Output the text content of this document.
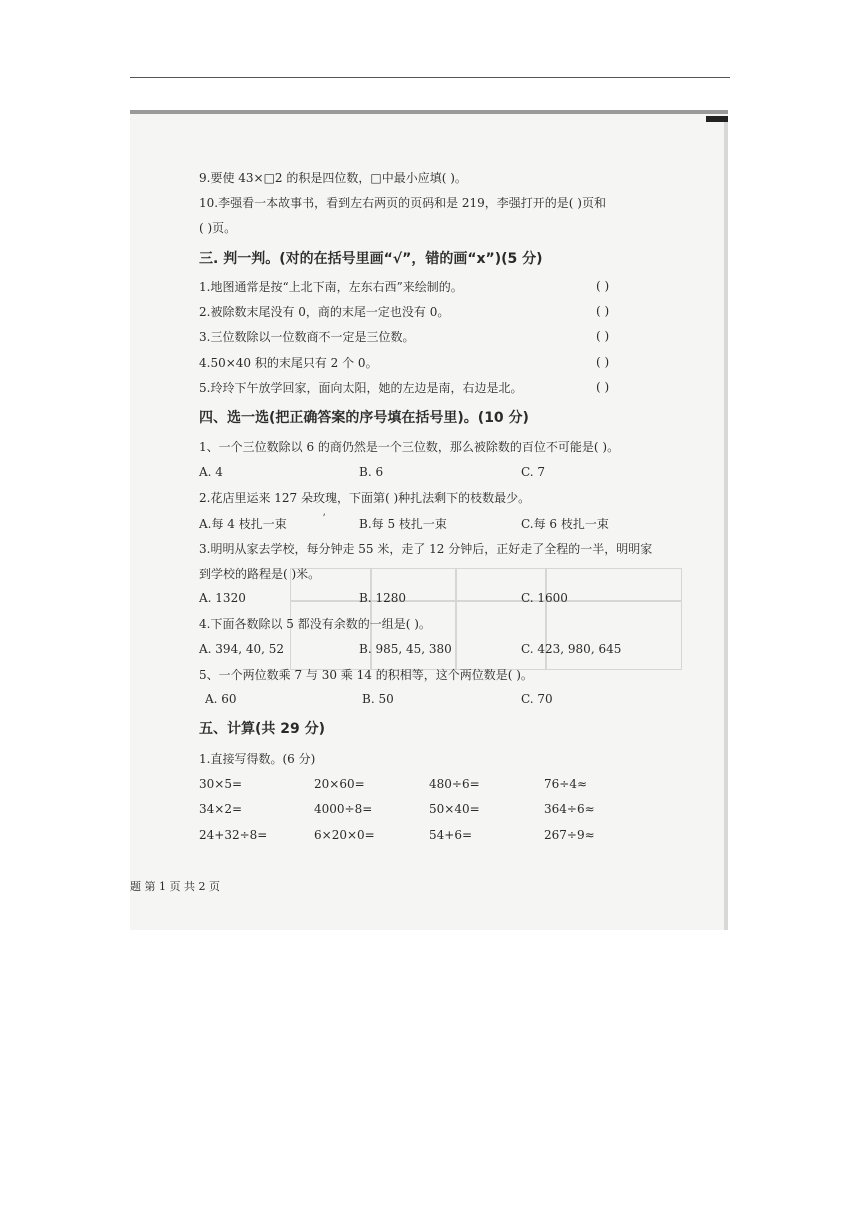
9.要使 43×□2 的积是四位数，□中最小应填( )。
10.李强看一本故事书，看到左右两页的页码和是 219，李强打开的是( )页和
( )页。
三. 判一判。(对的在括号里画“√”，错的画“x”)(5 分)
1.地图通常是按“上北下南，左东右西”来绘制的。	( )
2.被除数末尾没有 0，商的末尾一定也没有 0。	( )
3.三位数除以一位数商不一定是三位数。	( )
4.50×40 积的末尾只有 2 个 0。	( )
5.玲玲下午放学回家，面向太阳，她的左边是南，右边是北。	( )
四、选一选(把正确答案的序号填在括号里)。(10 分)
1、一个三位数除以 6 的商仍然是一个三位数，那么被除数的百位不可能是( )。
A. 4	B. 6	C. 7
2.花店里运来 127 朵玫瑰，下面第( )种扎法剩下的枝数最少。
A.每 4 枝扎一束	ʼ	B.每 5 枝扎一束	C.每 6 枝扎一束
3.明明从家去学校，每分钟走 55 米，走了 12 分钟后，正好走了全程的一半，明明家
到学校的路程是( )米。
A. 1320	B. 1280	C. 1600
4.下面各数除以 5 都没有余数的一组是( )。
A. 394, 40, 52	B. 985, 45, 380	C. 423, 980, 645
5、一个两位数乘 7 与 30 乘 14 的积相等，这个两位数是( )。
A. 60	B. 50	C. 70
五、计算(共 29 分)
1.直接写得数。(6 分)
30×5=	20×60=	480÷6=	76÷4≈
34×2=	4000÷8=	50×40=	364÷6≈
24+32÷8=	6×20×0=	54+6=	267÷9≈
题 第 1 页 共 2 页
